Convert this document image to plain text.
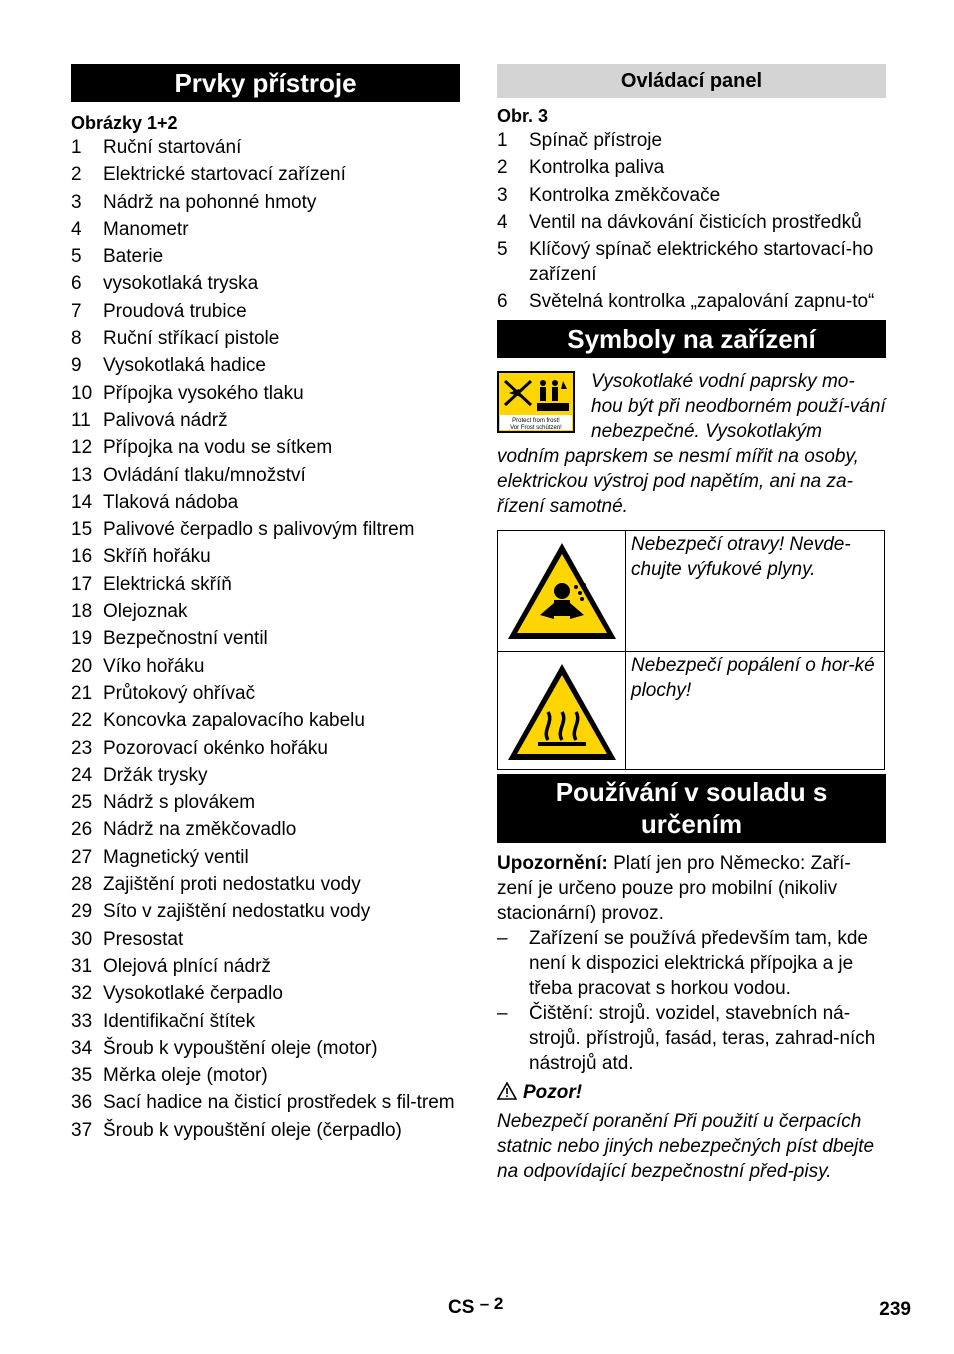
Prvky přístroje
Obrázky 1+2
1	Ruční startování
2	Elektrické startovací zařízení
3	Nádrž na pohonné hmoty
4	Manometr
5	Baterie
6	vysokotlaká tryska
7	Proudová trubice
8	Ruční stříkací pistole
9	Vysokotlaká hadice
10 Přípojka vysokého tlaku
11 Palivová nádrž
12 Přípojka na vodu se sítkem
13 Ovládání tlaku/množství
14 Tlaková nádoba
15 Palivové čerpadlo s palivovým filtrem
16 Skříň hořáku
17 Elektrická skříň
18 Olejoznak
19 Bezpečnostní ventil
20 Víko hořáku
21 Průtokový ohřívač
22 Koncovka zapalovacího kabelu
23 Pozorovací okénko hořáku
24 Držák trysky
25 Nádrž s plovákem
26 Nádrž na změkčovadlo
27 Magnetický ventil
28 Zajištění proti nedostatku vody
29 Síto v zajištění nedostatku vody
30 Presostat
31 Olejová plnící nádrž
32 Vysokotlaké čerpadlo
33 Identifikační štítek
34 Šroub k vypouštění oleje (motor)
35 Měrka oleje (motor)
36 Sací hadice na čisticí prostředek s fil-trem
37 Šroub k vypouštění oleje (čerpadlo)
Ovládací panel
Obr. 3
1	Spínač přístroje
2	Kontrolka paliva
3	Kontrolka změkčovače
4	Ventil na dávkování čisticích prostředků
5	Klíčový spínač elektrického startovací-ho zařízení
6	Světelná kontrolka „zapalování zapnu-to“
Symboly na zařízení
Protect from frost!
Vor Frost schützen!
Vysokotlaké vodní paprsky mo-hou být při neodborném použí-vání nebezpečné. Vysokotlakým vodním paprskem se nesmí mířit na osoby, elektrickou výstroj pod napětím, ani na za-řízení samotné.
	Nebezpečí otravy! Nevde-chujte výfukové plyny.
	Nebezpečí popálení o hor-ké plochy!
Používání v souladu s určením

Upozornění: Platí jen pro Německo: Zaří-zení je určeno pouze pro mobilní (nikoliv stacionární) provoz.

–	Zařízení se používá především tam, kde není k dispozici elektrická přípojka a je třeba pracovat s horkou vodou.
–	Čištění: strojů. vozidel, stavebních ná-strojů. přístrojů, fasád, teras, zahrad-ních nástrojů atd.

Pozor!

Nebezpečí poranění Při použití u čerpacích statnic nebo jiných nebezpečných píst dbejte na odpovídající bezpečnostní před-pisy.

CS – 2	239
